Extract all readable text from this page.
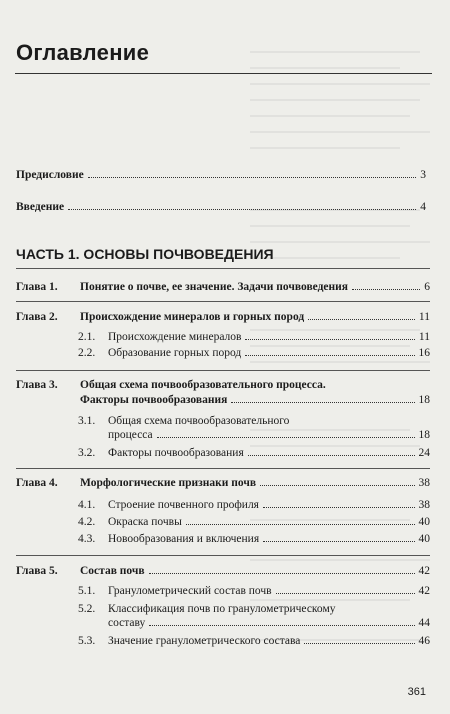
Оглавление
Предисловие	3
Введение	4
ЧАСТЬ 1. ОСНОВЫ ПОЧВОВЕДЕНИЯ
Глава 1.	Понятие о почве, ее значение. Задачи почвоведения	6
Глава 2.	Происхождение минералов и горных пород	11
2.1.	Происхождение минералов	11
2.2.	Образование горных пород	16
Глава 3.	Общая схема почвообразовательного процесса.
Факторы почвообразования	18
3.1.	Общая схема почвообразовательного
процесса	18
3.2.	Факторы почвообразования	24
Глава 4.	Морфологические признаки почв	38
4.1.	Строение почвенного профиля	38
4.2.	Окраска почвы	40
4.3.	Новообразования и включения	40
Глава 5.	Состав почв	42
5.1.	Гранулометрический состав почв	42
5.2.	Классификация почв по гранулометрическому
составу	44
5.3.	Значение гранулометрического состава	46
361
